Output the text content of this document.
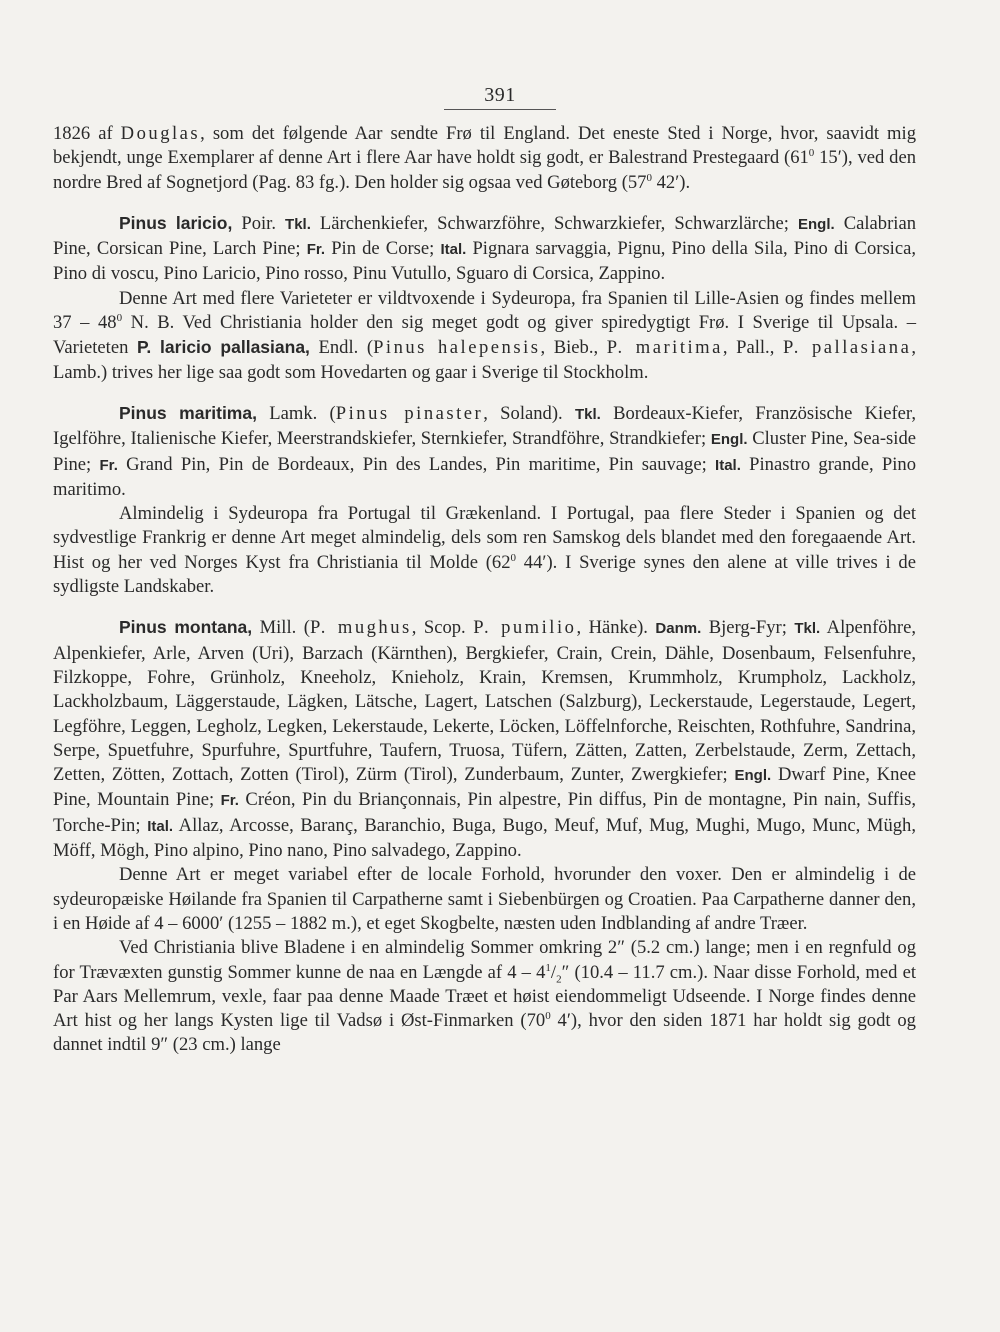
391

1826 af Douglas, som det følgende Aar sendte Frø til England. Det eneste Sted i Norge, hvor, saavidt mig bekjendt, unge Exemplarer af denne Art i flere Aar have holdt sig godt, er Balestrand Prestegaard ($61^0$ 15′), ved den nordre Bred af Sognetjord (Pag. 83 fg.). Den holder sig ogsaa ved Gøteborg ($57^0$ 42′).

Pinus laricio, Poir. Tkl. Lärchenkiefer, Schwarzföhre, Schwarzkiefer, Schwarzlärche; Engl. Calabrian Pine, Corsican Pine, Larch Pine; Fr. Pin de Corse; Ital. Pignara sarvaggia, Pignu, Pino della Sila, Pino di Corsica, Pino di voscu, Pino Laricio, Pino rosso, Pinu Vutullo, Sguaro di Corsica, Zappino.

Denne Art med flere Varieteter er vildtvoxende i Sydeuropa, fra Spanien til Lille-Asien og findes mellem $37 - 48^0$ N. B. Ved Christiania holder den sig meget godt og giver spiredygtigt Frø. I Sverige til Upsala. – Varieteten P. laricio pallasiana, Endl. (Pinus halepensis, Bieb., P. maritima, Pall., P. pallasiana, Lamb.) trives her lige saa godt som Hovedarten og gaar i Sverige til Stockholm.

Pinus maritima, Lamk. (Pinus pinaster, Soland). Tkl. Bordeaux-Kiefer, Französische Kiefer, Igelföhre, Italienische Kiefer, Meerstrandskiefer, Sternkiefer, Strandföhre, Strandkiefer; Engl. Cluster Pine, Sea-side Pine; Fr. Grand Pin, Pin de Bordeaux, Pin des Landes, Pin maritime, Pin sauvage; Ital. Pinastro grande, Pino maritimo.

Almindelig i Sydeuropa fra Portugal til Grækenland. I Portugal, paa flere Steder i Spanien og det sydvestlige Frankrig er denne Art meget almindelig, dels som ren Samskog dels blandet med den foregaaende Art. Hist og her ved Norges Kyst fra Christiania til Molde ($62^0$ 44′). I Sverige synes den alene at ville trives i de sydligste Landskaber.

Pinus montana, Mill. (P. mughus, Scop. P. pumilio, Hänke). Danm. Bjerg-Fyr; Tkl. Alpenföhre, Alpenkiefer, Arle, Arven (Uri), Barzach (Kärnthen), Bergkiefer, Crain, Crein, Dähle, Dosenbaum, Felsenfuhre, Filzkoppe, Fohre, Grünholz, Kneeholz, Knieholz, Krain, Kremsen, Krummholz, Krumpholz, Lackholz, Lackholzbaum, Läggerstaude, Lägken, Lätsche, Lagert, Latschen (Salzburg), Leckerstaude, Legerstaude, Legert, Legföhre, Leggen, Legholz, Legken, Lekerstaude, Lekerte, Löcken, Löffelnforche, Reischten, Rothfuhre, Sandrina, Serpe, Spuetfuhre, Spurfuhre, Spurtfuhre, Taufern, Truosa, Tüfern, Zätten, Zatten, Zerbelstaude, Zerm, Zettach, Zetten, Zötten, Zottach, Zotten (Tirol), Zürm (Tirol), Zunderbaum, Zunter, Zwergkiefer; Engl. Dwarf Pine, Knee Pine, Mountain Pine; Fr. Créon, Pin du Briançonnais, Pin alpestre, Pin diffus, Pin de montagne, Pin nain, Suffis, Torche-Pin; Ital. Allaz, Arcosse, Baranç, Baranchio, Buga, Bugo, Meuf, Muf, Mug, Mughi, Mugo, Munc, Mügh, Möff, Mögh, Pino alpino, Pino nano, Pino salvadego, Zappino.

Denne Art er meget variabel efter de locale Forhold, hvorunder den voxer. Den er almindelig i de sydeuropæiske Høilande fra Spanien til Carpatherne samt i Siebenbürgen og Croatien. Paa Carpatherne danner den, i en Høide af 4 – 6000′ (1255 – 1882 m.), et eget Skogbelte, næsten uden Indblanding af andre Træer.

Ved Christiania blive Bladene i en almindelig Sommer omkring 2″ (5.2 cm.) lange; men i en regnfuld og for Trævæxten gunstig Sommer kunne de naa en Længde af $4 - 4^1/_2''$ (10.4 – 11.7 cm.). Naar disse Forhold, med et Par Aars Mellemrum, vexle, faar paa denne Maade Træet et høist eiendommeligt Udseende. I Norge findes denne Art hist og her langs Kysten lige til Vadsø i Øst-Finmarken ($70^0$ 4′), hvor den siden 1871 har holdt sig godt og dannet indtil 9″ (23 cm.) lange
